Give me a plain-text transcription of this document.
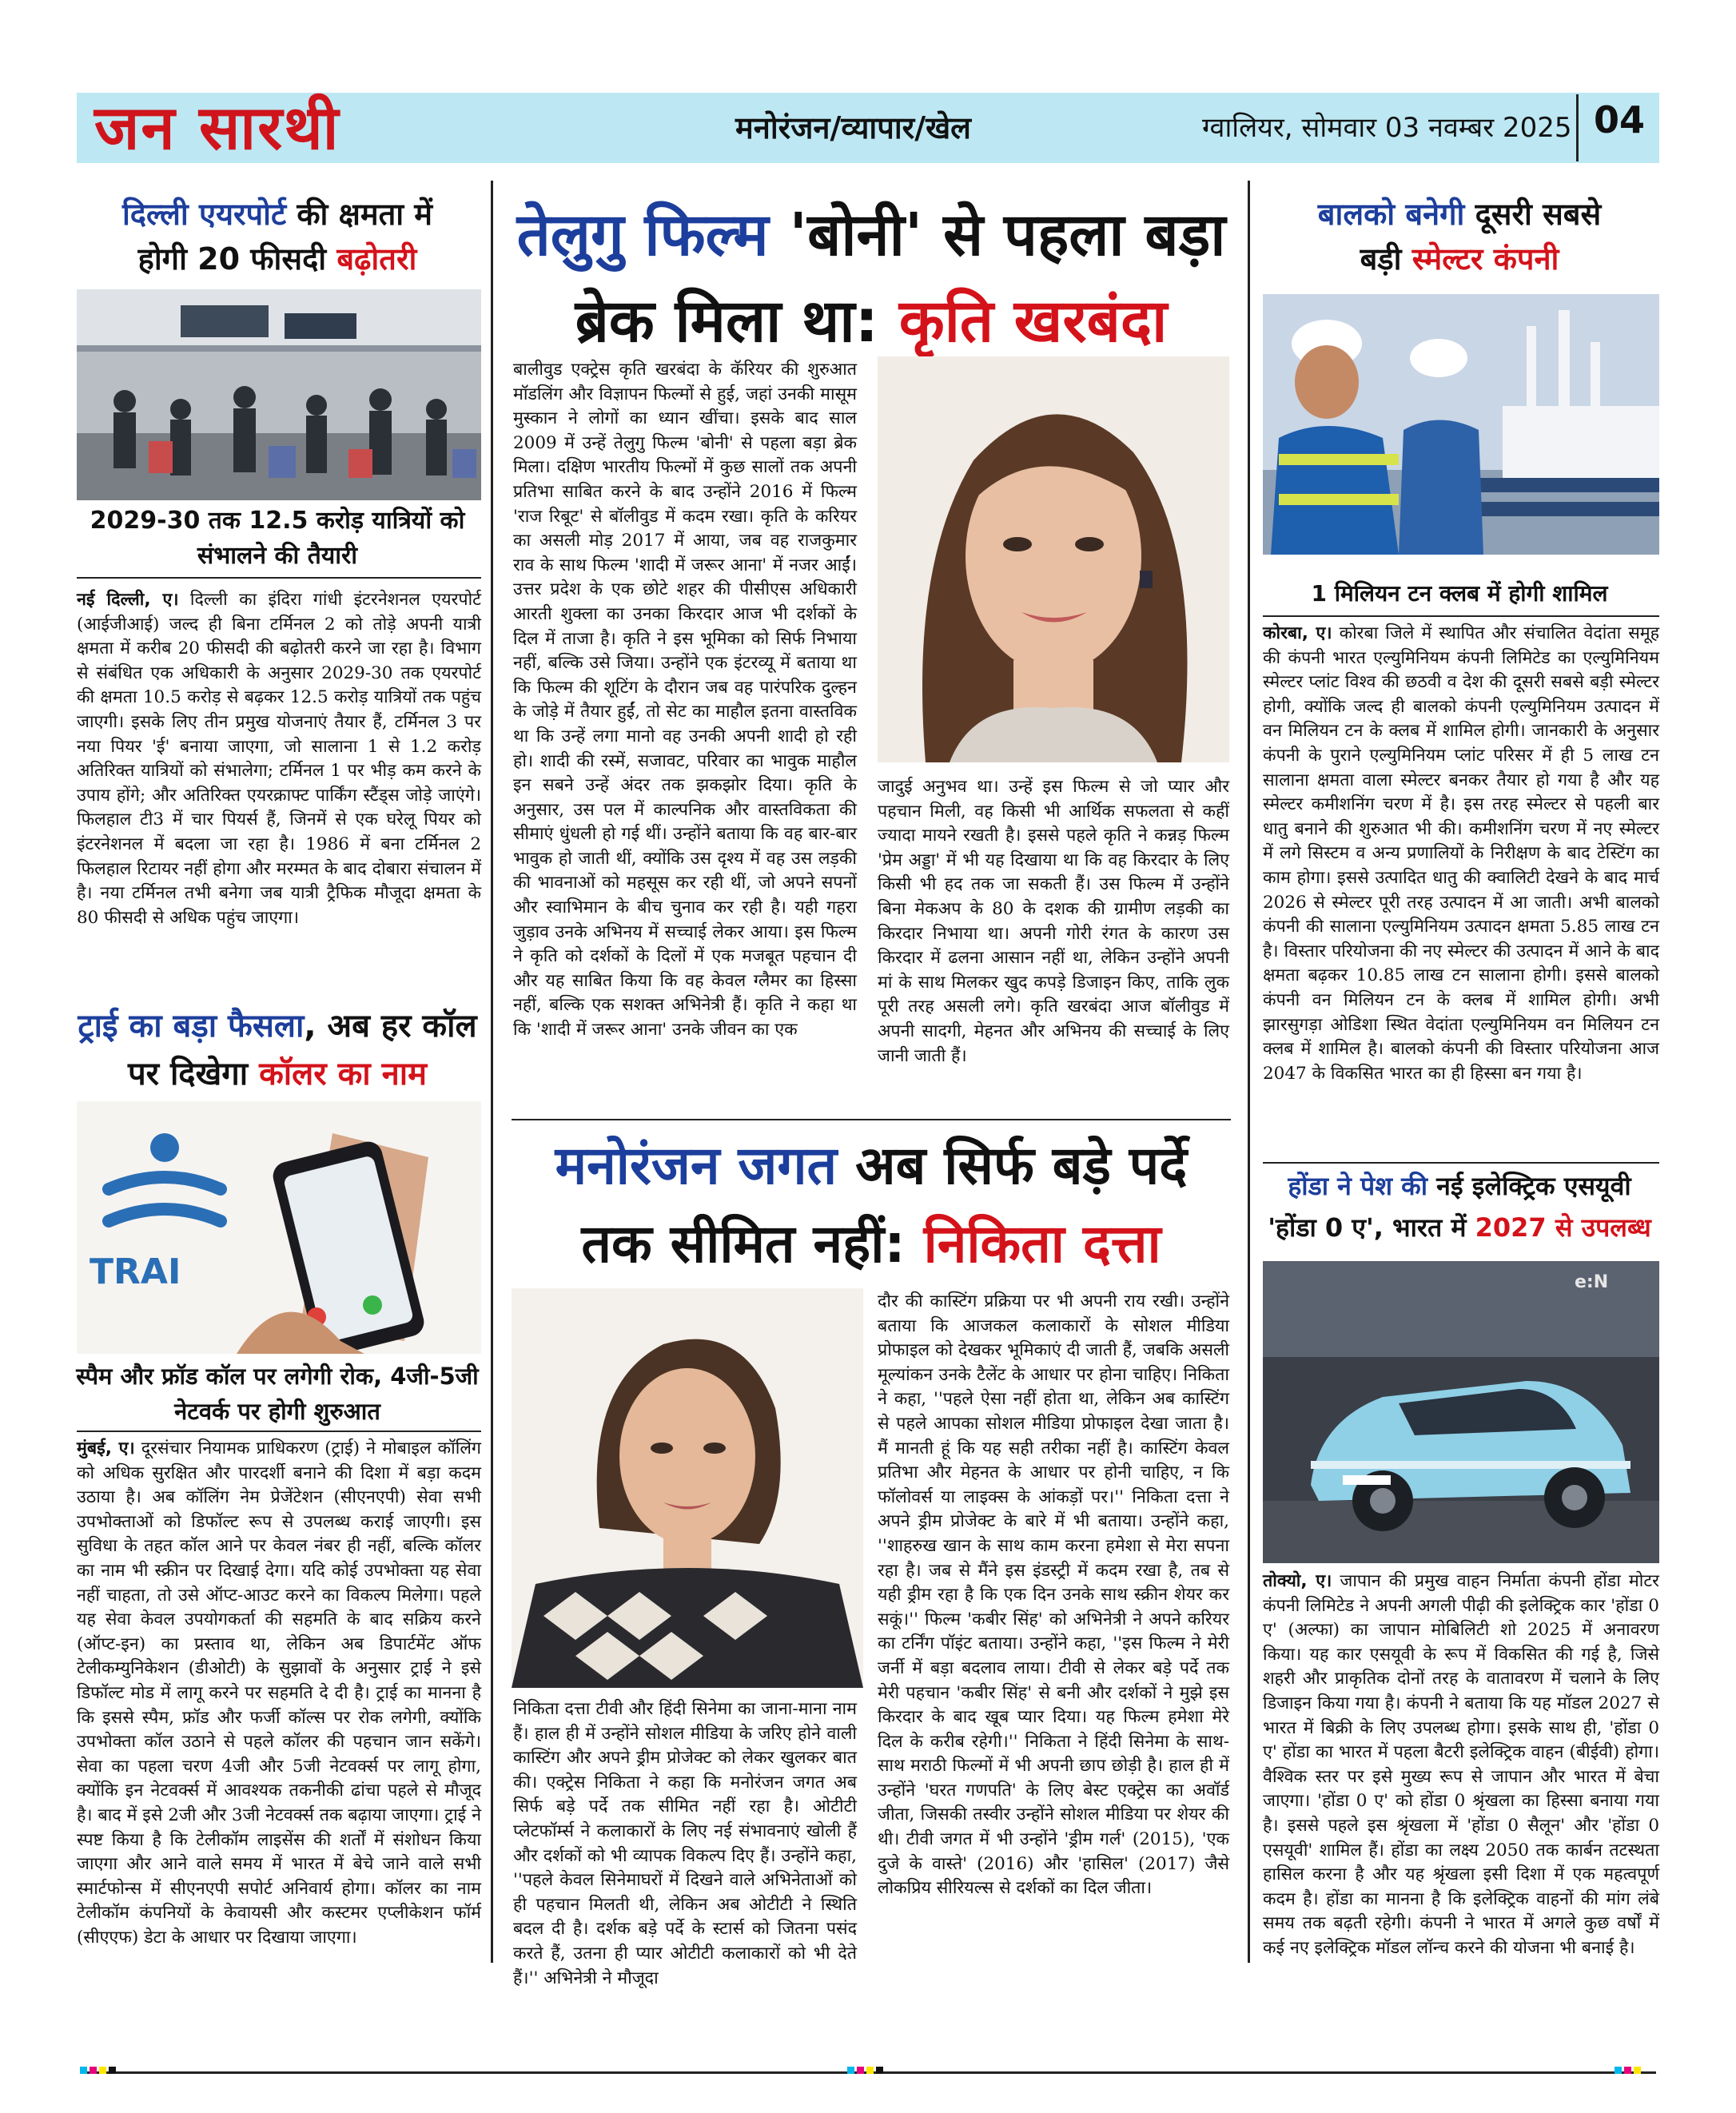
जन सारथी	मनोरंजन/व्यापार/खेल	ग्वालियर, सोमवार 03 नवम्बर 2025 04
दिल्ली एयरपोर्ट की क्षमता में
होगी 20 फीसदी बढ़ोतरी
2029-30 तक 12.5 करोड़ यात्रियों को संभालने की तैयारी
नई दिल्ली, ए। दिल्ली का इंदिरा गांधी इंटरनेशनल एयरपोर्ट (आईजीआई) जल्द ही बिना टर्मिनल 2 को तोड़े अपनी यात्री क्षमता में करीब 20 फीसदी की बढ़ोतरी करने जा रहा है। विभाग से संबंधित एक अधिकारी के अनुसार 2029-30 तक एयरपोर्ट की क्षमता 10.5 करोड़ से बढ़कर 12.5 करोड़ यात्रियों तक पहुंच जाएगी। इसके लिए तीन प्रमुख योजनाएं तैयार हैं, टर्मिनल 3 पर नया पियर 'ई' बनाया जाएगा, जो सालाना 1 से 1.2 करोड़ अतिरिक्त यात्रियों को संभालेगा; टर्मिनल 1 पर भीड़ कम करने के उपाय होंगे; और अतिरिक्त एयरक्राफ्ट पार्किंग स्टैंड्स जोड़े जाएंगे। फिलहाल टी3 में चार पियर्स हैं, जिनमें से एक घरेलू पियर को इंटरनेशनल में बदला जा रहा है। 1986 में बना टर्मिनल 2 फिलहाल रिटायर नहीं होगा और मरम्मत के बाद दोबारा संचालन में है। नया टर्मिनल तभी बनेगा जब यात्री ट्रैफिक मौजूदा क्षमता के 80 फीसदी से अधिक पहुंच जाएगा।
ट्राई का बड़ा फैसला, अब हर कॉल
पर दिखेगा कॉलर का नाम
TRAI
स्पैम और फ्रॉड कॉल पर लगेगी रोक, 4जी-5जी नेटवर्क पर होगी शुरुआत
मुंबई, ए। दूरसंचार नियामक प्राधिकरण (ट्राई) ने मोबाइल कॉलिंग को अधिक सुरक्षित और पारदर्शी बनाने की दिशा में बड़ा कदम उठाया है। अब कॉलिंग नेम प्रेजेंटेशन (सीएनएपी) सेवा सभी उपभोक्ताओं को डिफॉल्ट रूप से उपलब्ध कराई जाएगी। इस सुविधा के तहत कॉल आने पर केवल नंबर ही नहीं, बल्कि कॉलर का नाम भी स्क्रीन पर दिखाई देगा। यदि कोई उपभोक्ता यह सेवा नहीं चाहता, तो उसे ऑप्ट-आउट करने का विकल्प मिलेगा। पहले यह सेवा केवल उपयोगकर्ता की सहमति के बाद सक्रिय करने (ऑप्ट-इन) का प्रस्ताव था, लेकिन अब डिपार्टमेंट ऑफ टेलीकम्युनिकेशन (डीओटी) के सुझावों के अनुसार ट्राई ने इसे डिफॉल्ट मोड में लागू करने पर सहमति दे दी है। ट्राई का मानना है कि इससे स्पैम, फ्रॉड और फर्जी कॉल्स पर रोक लगेगी, क्योंकि उपभोक्ता कॉल उठाने से पहले कॉलर की पहचान जान सकेंगे। सेवा का पहला चरण 4जी और 5जी नेटवर्क्स पर लागू होगा, क्योंकि इन नेटवर्क्स में आवश्यक तकनीकी ढांचा पहले से मौजूद है। बाद में इसे 2जी और 3जी नेटवर्क्स तक बढ़ाया जाएगा। ट्राई ने स्पष्ट किया है कि टेलीकॉम लाइसेंस की शर्तों में संशोधन किया जाएगा और आने वाले समय में भारत में बेचे जाने वाले सभी स्मार्टफोन्स में सीएनएपी सपोर्ट अनिवार्य होगा। कॉलर का नाम टेलीकॉम कंपनियों के केवायसी और कस्टमर एप्लीकेशन फॉर्म (सीएएफ) डेटा के आधार पर दिखाया जाएगा।
तेलुगु फिल्म 'बोनी' से पहला बड़ा
ब्रेक मिला था: कृति खरबंदा
बालीवुड एक्ट्रेस कृति खरबंदा के कॅरियर की शुरुआत मॉडलिंग और विज्ञापन फिल्मों से हुई, जहां उनकी मासूम मुस्कान ने लोगों का ध्यान खींचा। इसके बाद साल 2009 में उन्हें तेलुगु फिल्म 'बोनी' से पहला बड़ा ब्रेक मिला। दक्षिण भारतीय फिल्मों में कुछ सालों तक अपनी प्रतिभा साबित करने के बाद उन्होंने 2016 में फिल्म 'राज रिबूट' से बॉलीवुड में कदम रखा। कृति के करियर का असली मोड़ 2017 में आया, जब वह राजकुमार राव के साथ फिल्म 'शादी में जरूर आना' में नजर आईं। उत्तर प्रदेश के एक छोटे शहर की पीसीएस अधिकारी आरती शुक्ला का उनका किरदार आज भी दर्शकों के दिल में ताजा है। कृति ने इस भूमिका को सिर्फ निभाया नहीं, बल्कि उसे जिया। उन्होंने एक इंटरव्यू में बताया था कि फिल्म की शूटिंग के दौरान जब वह पारंपरिक दुल्हन के जोड़े में तैयार हुईं, तो सेट का माहौल इतना वास्तविक था कि उन्हें लगा मानो वह उनकी अपनी शादी हो रही हो। शादी की रस्में, सजावट, परिवार का भावुक माहौल इन सबने उन्हें अंदर तक झकझोर दिया। कृति के अनुसार, उस पल में काल्पनिक और वास्तविकता की सीमाएं धुंधली हो गई थीं। उन्होंने बताया कि वह बार-बार भावुक हो जाती थीं, क्योंकि उस दृश्य में वह उस लड़की की भावनाओं को महसूस कर रही थीं, जो अपने सपनों और स्वाभिमान के बीच चुनाव कर रही है। यही गहरा जुड़ाव उनके अभिनय में सच्चाई लेकर आया। इस फिल्म ने कृति को दर्शकों के दिलों में एक मजबूत पहचान दी और यह साबित किया कि वह केवल ग्लैमर का हिस्सा नहीं, बल्कि एक सशक्त अभिनेत्री हैं। कृति ने कहा था कि 'शादी में जरूर आना' उनके जीवन का एक
जादुई अनुभव था। उन्हें इस फिल्म से जो प्यार और पहचान मिली, वह किसी भी आर्थिक सफलता से कहीं ज्यादा मायने रखती है। इससे पहले कृति ने कन्नड़ फिल्म 'प्रेम अड्डा' में भी यह दिखाया था कि वह किरदार के लिए किसी भी हद तक जा सकती हैं। उस फिल्म में उन्होंने बिना मेकअप के 80 के दशक की ग्रामीण लड़की का किरदार निभाया था। अपनी गोरी रंगत के कारण उस किरदार में ढलना आसान नहीं था, लेकिन उन्होंने अपनी मां के साथ मिलकर खुद कपड़े डिजाइन किए, ताकि लुक पूरी तरह असली लगे। कृति खरबंदा आज बॉलीवुड में अपनी सादगी, मेहनत और अभिनय की सच्चाई के लिए जानी जाती हैं।
मनोरंजन जगत अब सिर्फ बड़े पर्दे
तक सीमित नहीं: निकिता दत्ता
निकिता दत्ता टीवी और हिंदी सिनेमा का जाना-माना नाम हैं। हाल ही में उन्होंने सोशल मीडिया के जरिए होने वाली कास्टिंग और अपने ड्रीम प्रोजेक्ट को लेकर खुलकर बात की। एक्ट्रेस निकिता ने कहा कि मनोरंजन जगत अब सिर्फ बड़े पर्दे तक सीमित नहीं रहा है। ओटीटी प्लेटफॉर्म्स ने कलाकारों के लिए नई संभावनाएं खोली हैं और दर्शकों को भी व्यापक विकल्प दिए हैं। उन्होंने कहा, ''पहले केवल सिनेमाघरों में दिखने वाले अभिनेताओं को ही पहचान मिलती थी, लेकिन अब ओटीटी ने स्थिति बदल दी है। दर्शक बड़े पर्दे के स्टार्स को जितना पसंद करते हैं, उतना ही प्यार ओटीटी कलाकारों को भी देते हैं।'' अभिनेत्री ने मौजूदा
दौर की कास्टिंग प्रक्रिया पर भी अपनी राय रखी। उन्होंने बताया कि आजकल कलाकारों के सोशल मीडिया प्रोफाइल को देखकर भूमिकाएं दी जाती हैं, जबकि असली मूल्यांकन उनके टैलेंट के आधार पर होना चाहिए। निकिता ने कहा, ''पहले ऐसा नहीं होता था, लेकिन अब कास्टिंग से पहले आपका सोशल मीडिया प्रोफाइल देखा जाता है। मैं मानती हूं कि यह सही तरीका नहीं है। कास्टिंग केवल प्रतिभा और मेहनत के आधार पर होनी चाहिए, न कि फॉलोवर्स या लाइक्स के आंकड़ों पर।'' निकिता दत्ता ने अपने ड्रीम प्रोजेक्ट के बारे में भी बताया। उन्होंने कहा, ''शाहरुख खान के साथ काम करना हमेशा से मेरा सपना रहा है। जब से मैंने इस इंडस्ट्री में कदम रखा है, तब से यही ड्रीम रहा है कि एक दिन उनके साथ स्क्रीन शेयर कर सकूं।'' फिल्म 'कबीर सिंह' को अभिनेत्री ने अपने करियर का टर्निंग पॉइंट बताया। उन्होंने कहा, ''इस फिल्म ने मेरी जर्नी में बड़ा बदलाव लाया। टीवी से लेकर बड़े पर्दे तक मेरी पहचान 'कबीर सिंह' से बनी और दर्शकों ने मुझे इस किरदार के बाद खूब प्यार दिया। यह फिल्म हमेशा मेरे दिल के करीब रहेगी।'' निकिता ने हिंदी सिनेमा के साथ-साथ मराठी फिल्मों में भी अपनी छाप छोड़ी है। हाल ही में उन्होंने 'घरत गणपति' के लिए बेस्ट एक्ट्रेस का अवॉर्ड जीता, जिसकी तस्वीर उन्होंने सोशल मीडिया पर शेयर की थी। टीवी जगत में भी उन्होंने 'ड्रीम गर्ल' (2015), 'एक दुजे के वास्ते' (2016) और 'हासिल' (2017) जैसे लोकप्रिय सीरियल्स से दर्शकों का दिल जीता।
बालको बनेगी दूसरी सबसे
बड़ी स्मेल्टर कंपनी
1 मिलियन टन क्लब में होगी शामिल
कोरबा, ए। कोरबा जिले में स्थापित और संचालित वेदांता समूह की कंपनी भारत एल्युमिनियम कंपनी लिमिटेड का एल्युमिनियम स्मेल्टर प्लांट विश्व की छठवी व देश की दूसरी सबसे बड़ी स्मेल्टर होगी, क्योंकि जल्द ही बालको कंपनी एल्युमिनियम उत्पादन में वन मिलियन टन के क्लब में शामिल होगी। जानकारी के अनुसार कंपनी के पुराने एल्युमिनियम प्लांट परिसर में ही 5 लाख टन सालाना क्षमता वाला स्मेल्टर बनकर तैयार हो गया है और यह स्मेल्टर कमीशनिंग चरण में है। इस तरह स्मेल्टर से पहली बार धातु बनाने की शुरुआत भी की। कमीशनिंग चरण में नए स्मेल्टर में लगे सिस्टम व अन्य प्रणालियों के निरीक्षण के बाद टेस्टिंग का काम होगा। इससे उत्पादित धातु की क्वालिटी देखने के बाद मार्च 2026 से स्मेल्टर पूरी तरह उत्पादन में आ जाती। अभी बालको कंपनी की सालाना एल्युमिनियम उत्पादन क्षमता 5.85 लाख टन है। विस्तार परियोजना की नए स्मेल्टर की उत्पादन में आने के बाद क्षमता बढ़कर 10.85 लाख टन सालाना होगी। इससे बालको कंपनी वन मिलियन टन के क्लब में शामिल होगी। अभी झारसुगड़ा ओडिशा स्थित वेदांता एल्युमिनियम वन मिलियन टन क्लब में शामिल है। बालको कंपनी की विस्तार परियोजना आज 2047 के विकसित भारत का ही हिस्सा बन गया है।
होंडा ने पेश की नई इलेक्ट्रिक एसयूवी
'होंडा 0 ए', भारत में 2027 से उपलब्ध
e:N
तोक्यो, ए। जापान की प्रमुख वाहन निर्माता कंपनी होंडा मोटर कंपनी लिमिटेड ने अपनी अगली पीढ़ी की इलेक्ट्रिक कार 'होंडा 0 ए' (अल्फा) का जापान मोबिलिटी शो 2025 में अनावरण किया। यह कार एसयूवी के रूप में विकसित की गई है, जिसे शहरी और प्राकृतिक दोनों तरह के वातावरण में चलाने के लिए डिजाइन किया गया है। कंपनी ने बताया कि यह मॉडल 2027 से भारत में बिक्री के लिए उपलब्ध होगा। इसके साथ ही, 'होंडा 0 ए' होंडा का भारत में पहला बैटरी इलेक्ट्रिक वाहन (बीईवी) होगा। वैश्विक स्तर पर इसे मुख्य रूप से जापान और भारत में बेचा जाएगा। 'होंडा 0 ए' को होंडा 0 श्रृंखला का हिस्सा बनाया गया है। इससे पहले इस श्रृंखला में 'होंडा 0 सैलून' और 'होंडा 0 एसयूवी' शामिल हैं। होंडा का लक्ष्य 2050 तक कार्बन तटस्थता हासिल करना है और यह श्रृंखला इसी दिशा में एक महत्वपूर्ण कदम है। होंडा का मानना है कि इलेक्ट्रिक वाहनों की मांग लंबे समय तक बढ़ती रहेगी। कंपनी ने भारत में अगले कुछ वर्षों में कई नए इलेक्ट्रिक मॉडल लॉन्च करने की योजना भी बनाई है।
